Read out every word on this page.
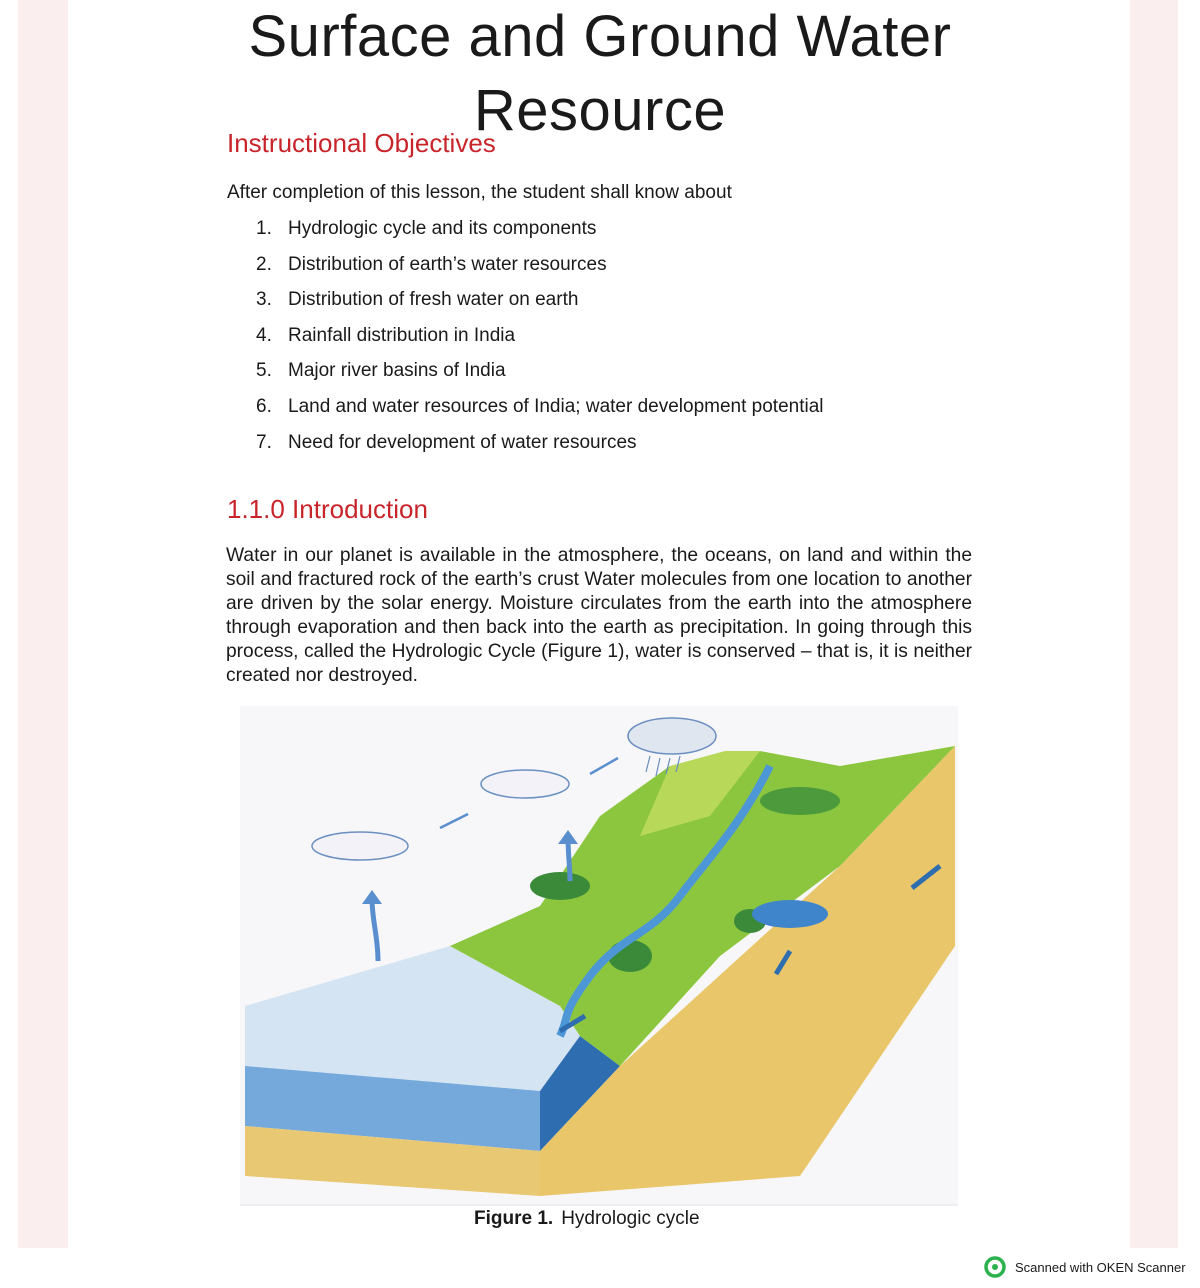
Surface and Ground Water
Resource
Instructional Objectives

After completion of this lesson, the student shall know about

1. Hydrologic cycle and its components
2. Distribution of earth’s water resources
3. Distribution of fresh water on earth
4. Rainfall distribution in India
5. Major river basins of India
6. Land and water resources of India; water development potential
7. Need for development of water resources
1.1.0 Introduction

Water in our planet is available in the atmosphere, the oceans, on land and within the soil and fractured rock of the earth’s crust Water molecules from one location to another are driven by the solar energy. Moisture circulates from the earth into the atmosphere through evaporation and then back into the earth as precipitation. In going through this process, called the Hydrologic Cycle (Figure 1), water is conserved – that is, it is neither created nor destroyed.

Figure 1. Hydrologic cycle

Scanned with OKEN Scanner
